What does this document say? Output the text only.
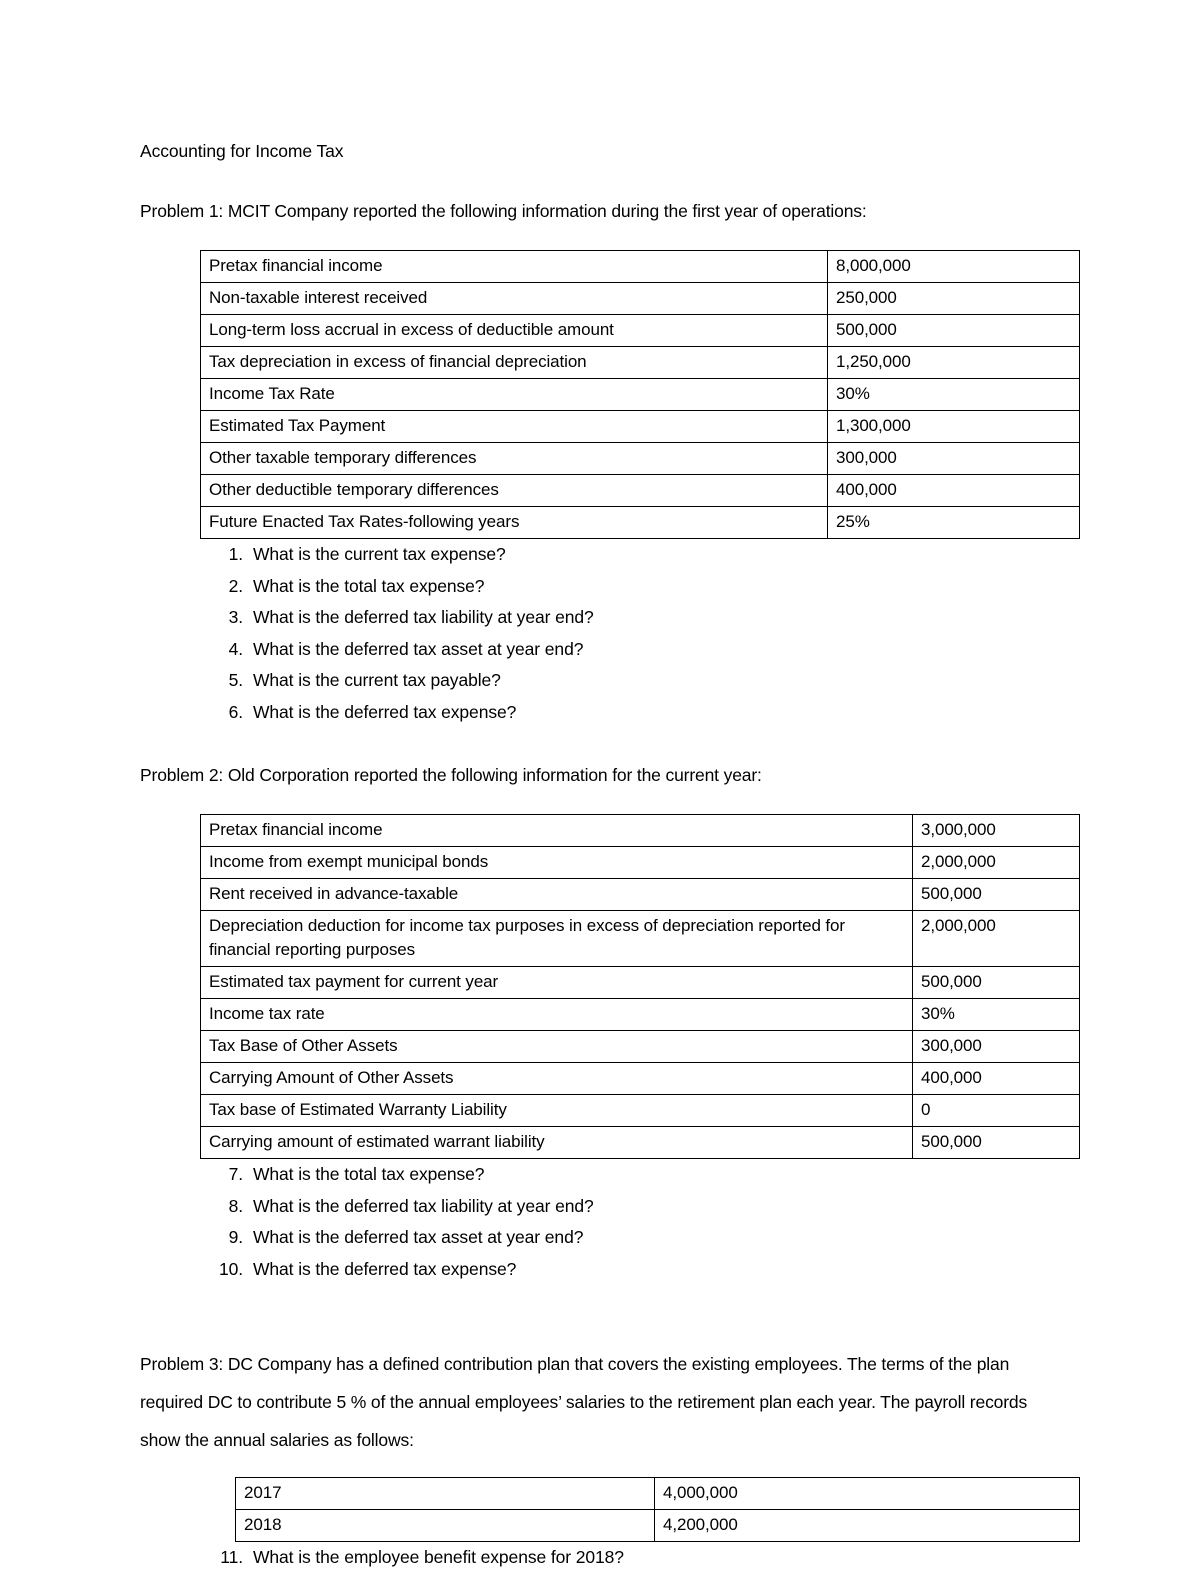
Accounting for Income Tax

Problem 1: MCIT Company reported the following information during the first year of operations:

Pretax financial income	8,000,000
Non-taxable interest received	250,000
Long-term loss accrual in excess of deductible amount	500,000
Tax depreciation in excess of financial depreciation	1,250,000
Income Tax Rate	30%
Estimated Tax Payment	1,300,000
Other taxable temporary differences	300,000
Other deductible temporary differences	400,000
Future Enacted Tax Rates-following years	25%
1. What is the current tax expense?
2. What is the total tax expense?
3. What is the deferred tax liability at year end?
4. What is the deferred tax asset at year end?
5. What is the current tax payable?
6. What is the deferred tax expense?

Problem 2: Old Corporation reported the following information for the current year:

Pretax financial income	3,000,000
Income from exempt municipal bonds	2,000,000
Rent received in advance-taxable	500,000
Depreciation deduction for income tax purposes in excess of depreciation reported for financial reporting purposes	2,000,000
Estimated tax payment for current year	500,000
Income tax rate	30%
Tax Base of Other Assets	300,000
Carrying Amount of Other Assets	400,000
Tax base of Estimated Warranty Liability	0
Carrying amount of estimated warrant liability	500,000
7. What is the total tax expense?
8. What is the deferred tax liability at year end?
9. What is the deferred tax asset at year end?
10. What is the deferred tax expense?

Problem 3: DC Company has a defined contribution plan that covers the existing employees. The terms of the plan required DC to contribute 5 % of the annual employees’ salaries to the retirement plan each year. The payroll records show the annual salaries as follows:

2017	4,000,000
2018	4,200,000
11. What is the employee benefit expense for 2018?
